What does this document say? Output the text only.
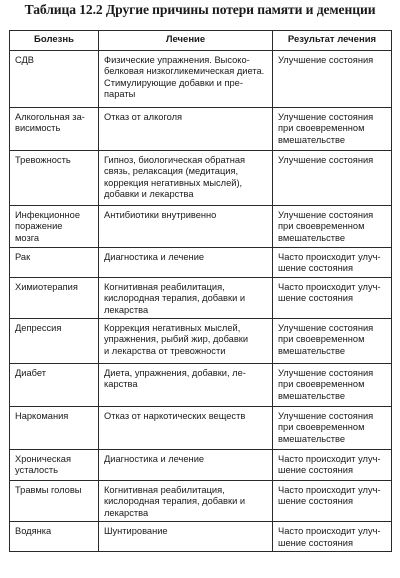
Таблица 12.2 Другие причины потери памяти и деменции
Болезнь	Лечение	Результат лечения

СДВ	Физические упражнения. Высоко-
белковая низкогликемическая диета.
Стимулирующие добавки и пре-
параты	Улучшение состояния

Алкогольная за-
висимость	Отказ от алкоголя	Улучшение состояния
при своевременном
вмешательстве

Тревожность	Гипноз, биологическая обратная
связь, релаксация (медитация,
коррекция негативных мыслей),
добавки и лекарства	Улучшение состояния

Инфекционное
поражение
мозга	Антибиотики внутривенно	Улучшение состояния
при своевременном
вмешательстве

Рак	Диагностика и лечение	Часто происходит улуч-
шение состояния

Химиотерапия	Когнитивная реабилитация,
кислородная терапия, добавки и
лекарства	Часто происходит улуч-
шение состояния

Депрессия	Коррекция негативных мыслей,
упражнения, рыбий жир, добавки
и лекарства от тревожности	Улучшение состояния
при своевременном
вмешательстве

Диабет	Диета, упражнения, добавки, ле-
карства	Улучшение состояния
при своевременном
вмешательстве

Наркомания	Отказ от наркотических веществ	Улучшение состояния
при своевременном
вмешательстве

Хроническая
усталость	Диагностика и лечение	Часто происходит улуч-
шение состояния

Травмы головы	Когнитивная реабилитация,
кислородная терапия, добавки и
лекарства	Часто происходит улуч-
шение состояния

Водянка	Шунтирование	Часто происходит улуч-
шение состояния
